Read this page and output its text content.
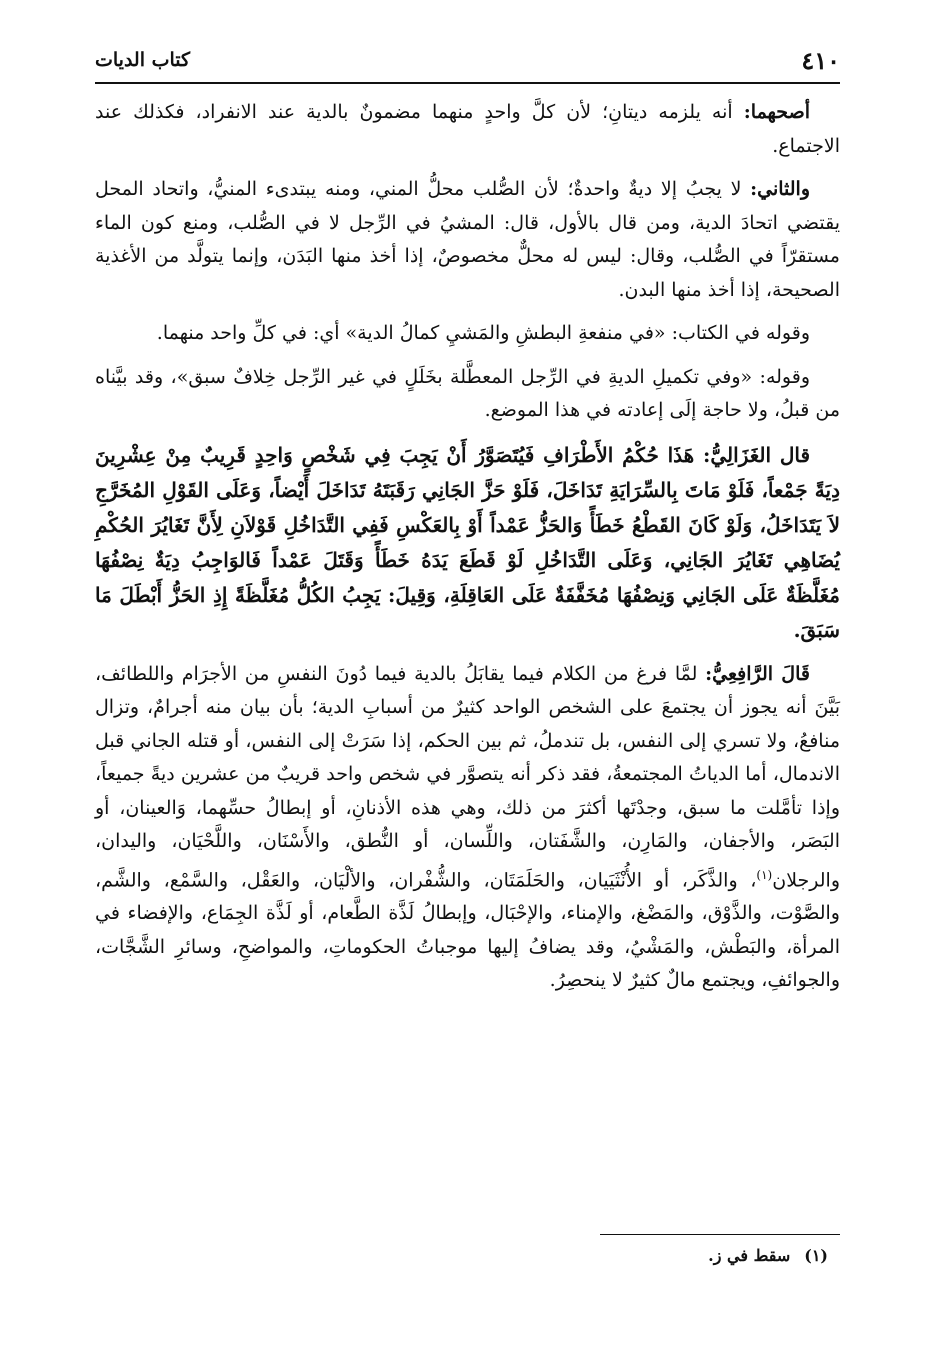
٤١٠
كتاب الديات

أصحهما: أنه يلزمه ديتانِ؛ لأن كلَّ واحدٍ منهما مضمونٌ بالدية عند الانفراد، فكذلك عند الاجتماع.

والثاني: لا يجبُ إلا ديةٌ واحدةٌ؛ لأن الصُّلب محلُّ المني، ومنه يبتدىء المنيُّ، واتحاد المحل يقتضي اتحادَ الدية، ومن قال بالأول، قال: المشيُ في الرِّجل لا في الصُّلب، ومنع كون الماء مستقرّاً في الصُّلب، وقال: ليس له محلٌّ مخصوصٌ، إذا أخذ منها البَدَن، وإنما يتولَّد من الأغذية الصحيحة، إذا أخذ منها البدن.

وقوله في الكتاب: «في منفعةِ البطشِ والمَشيِ كمالُ الدية» أي: في كلِّ واحد منهما.

وقوله: «وفي تكميلِ الديةِ في الرِّجل المعطَّلة بخَلَلٍ في غير الرِّجل خِلافٌ سبق»، وقد بيَّناه من قبلُ، ولا حاجة إلَى إعادته في هذا الموضع.

قال الغَزَالِيُّ: هَذَا حُكْمُ الأَطْرَافِ فَيُتَصَوَّرُ أَنْ يَجِبَ فِي شَخْصٍ وَاحِدٍ قَرِيبٌ مِنْ عِشْرِينَ دِيَةً جَمْعاً، فَلَوْ مَاتَ بِالسِّرَايَةِ تَدَاخَلَ، فَلَوْ حَزَّ الجَانِي رَقَبَتَهُ تَدَاخَلَ أَيْضاً، وَعَلَى القَوْلِ المُخَرَّجِ لاَ يَتَدَاخَلُ، وَلَوْ كَانَ القَطْعُ خَطَأً وَالحَزُّ عَمْداً أَوْ بِالعَكْسِ فَفِي التَّدَاخُلِ قَوْلاَنِ لِأَنَّ تَغَايُرَ الحُكْمِ يُضَاهِي تَغَايُرَ الجَانِي، وَعَلَى التَّدَاخُلِ لَوْ قَطَعَ يَدَهُ خَطَأً وَقَتَلَ عَمْداً فَالوَاجِبُ دِيَةٌ نِصْفُهَا مُغَلَّظَةٌ عَلَى الجَانِي وَنِصْفُهَا مُخَفَّفَةٌ عَلَى العَاقِلَةِ، وَقِيلَ: يَجِبُ الكُلُّ مُغَلَّظَةً إِذِ الحَزُّ أَبْطَلَ مَا سَبَقَ.

قَالَ الرَّافِعِيُّ: لمَّا فرغ من الكلام فيما يقابَلُ بالدية فيما دُونَ النفسِ من الأجرَام واللطائف، بَيَّنَ أنه يجوز أن يجتمعَ على الشخص الواحد كثيرٌ من أسبابِ الدية؛ بأن بيان منه أجرامٌ، وتزال منافعُ، ولا تسري إلى النفس، بل تندملُ، ثم بين الحكم، إذا سَرَتْ إلى النفس، أو قتله الجاني قبل الاندمال، أما الدياتُ المجتمعةُ، فقد ذكر أنه يتصوَّر في شخص واحد قريبٌ من عشرين ديةً جميعاً، وإذا تأمَّلت ما سبق، وجدْتَها أكثرَ من ذلك، وهي هذه الأذنانِ، أو إبطالُ حسِّهما، وَالعينان، أو البَصَر، والأجفان، والمَارِن، والشَّفَتان، واللِّسان، أو النُّطق، والأَسْنَان، واللَّحْيَان، واليدان، والرجلان$^{(١)}$، والذَّكَر، أو الأُنْثَيَيان، والحَلَمَتَان، والشُّفْران، والألْيَان، والعَقْل، والسَّمْع، والشَّم، والصَّوْت، والذَّوْق، والمَضْغ، والإمناء، والإحْبَال، وإبطالُ لَذَّة الطَّعام، أو لَذَّة الجِمَاع، والإفضاء في المرأة، والبَطْش، والمَشْيُ، وقد يضافُ إليها موجباتُ الحكوماتِ، والمواضحِ، وسائرِ الشَّجَّات، والجوائفِ، ويجتمع مالٌ كثيرٌ لا ينحصِرُ.

(١)سقط في ز.
